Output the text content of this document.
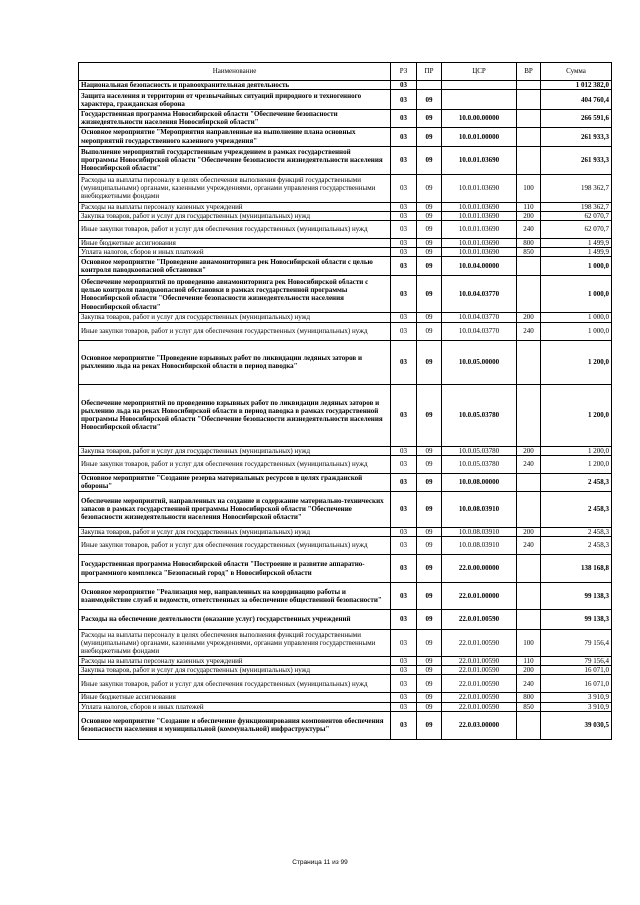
Наименование	РЗ	ПР	ЦСР	ВР	Сумма
Национальная безопасность и правоохранительная деятельность	03				1 012 382,0
Защита населения и территории от чрезвычайных ситуаций природного и техногенного характера, гражданская оборона	03	09			404 760,4
Государственная программа Новосибирской области "Обеспечение безопасности жизнедеятельности населения Новосибирской области"	03	09	10.0.00.00000		266 591,6
Основное мероприятие "Мероприятия направленные на выполнение плана основных мероприятий государственного казенного учреждения"	03	09	10.0.01.00000		261 933,3
Выполнение мероприятий государственным учреждением в рамках государственной программы Новосибирской области "Обеспечение безопасности жизнедеятельности населения Новосибирской области"	03	09	10.0.01.03690		261 933,3
Расходы на выплаты персоналу в целях обеспечения выполнения функций государственными (муниципальными) органами, казенными учреждениями, органами управления государственными внебюджетными фондами	03	09	10.0.01.03690	100	198 362,7
Расходы на выплаты персоналу казенных учреждений	03	09	10.0.01.03690	110	198 362,7
Закупка товаров, работ и услуг для государственных (муниципальных) нужд	03	09	10.0.01.03690	200	62 070,7
Иные закупки товаров, работ и услуг для обеспечения государственных (муниципальных) нужд	03	09	10.0.01.03690	240	62 070,7
Иные бюджетные ассигнования	03	09	10.0.01.03690	800	1 499,9
Уплата налогов, сборов и иных платежей	03	09	10.0.01.03690	850	1 499,9
Основное мероприятие "Проведение авиамониторинга рек Новосибирской области с целью контроля паводкоопасной обстановки"	03	09	10.0.04.00000		1 000,0
Обеспечение мероприятий по проведению авиамониторинга рек Новосибирской области с целью контроля паводкоопасной обстановки в рамках государственной программы Новосибирской области "Обеспечение безопасности жизнедеятельности населения Новосибирской области"	03	09	10.0.04.03770		1 000,0
Закупка товаров, работ и услуг для государственных (муниципальных) нужд	03	09	10.0.04.03770	200	1 000,0
Иные закупки товаров, работ и услуг для обеспечения государственных (муниципальных) нужд	03	09	10.0.04.03770	240	1 000,0
Основное мероприятие "Проведение взрывных работ по ликвидации ледяных заторов и рыхлению льда на реках Новосибирской области в период паводка"	03	09	10.0.05.00000		1 200,0
Обеспечение мероприятий по проведению взрывных работ по ликвидации ледяных заторов и рыхлению льда на реках Новосибирской области в период паводка в рамках государственной программы Новосибирской области "Обеспечение безопасности жизнедеятельности населения Новосибирской области"	03	09	10.0.05.03780		1 200,0
Закупка товаров, работ и услуг для государственных (муниципальных) нужд	03	09	10.0.05.03780	200	1 200,0
Иные закупки товаров, работ и услуг для обеспечения государственных (муниципальных) нужд	03	09	10.0.05.03780	240	1 200,0
Основное мероприятие "Создание резерва материальных ресурсов в целях гражданской обороны"	03	09	10.0.08.00000		2 458,3
Обеспечение мероприятий, направленных на создание и содержание материально-технических запасов в рамках государственной программы Новосибирской области "Обеспечение безопасности жизнедеятельности населения Новосибирской области"	03	09	10.0.08.03910		2 458,3
Закупка товаров, работ и услуг для государственных (муниципальных) нужд	03	09	10.0.08.03910	200	2 458,3
Иные закупки товаров, работ и услуг для обеспечения государственных (муниципальных) нужд	03	09	10.0.08.03910	240	2 458,3
Государственная программа Новосибирской области "Построение и развитие аппаратно-программного комплекса "Безопасный город" в Новосибирской области	03	09	22.0.00.00000		138 168,8
Основное мероприятие "Реализация мер, направленных на координацию работы и взаимодействие служб и ведомств, ответственных за обеспечение общественной безопасности"	03	09	22.0.01.00000		99 138,3
Расходы на обеспечение деятельности (оказание услуг) государственных учреждений	03	09	22.0.01.00590		99 138,3
Расходы на выплаты персоналу в целях обеспечения выполнения функций государственными (муниципальными) органами, казенными учреждениями, органами управления государственными внебюджетными фондами	03	09	22.0.01.00590	100	79 156,4
Расходы на выплаты персоналу казенных учреждений	03	09	22.0.01.00590	110	79 156,4
Закупка товаров, работ и услуг для государственных (муниципальных) нужд	03	09	22.0.01.00590	200	16 071,0
Иные закупки товаров, работ и услуг для обеспечения государственных (муниципальных) нужд	03	09	22.0.01.00590	240	16 071,0
Иные бюджетные ассигнования	03	09	22.0.01.00590	800	3 910,9
Уплата налогов, сборов и иных платежей	03	09	22.0.01.00590	850	3 910,9
Основное мероприятие "Создание и обеспечение функционирования компонентов обеспечения безопасности населения и муниципальной (коммунальной) инфраструктуры"	03	09	22.0.03.00000		39 030,5
Страница 11 из 99
